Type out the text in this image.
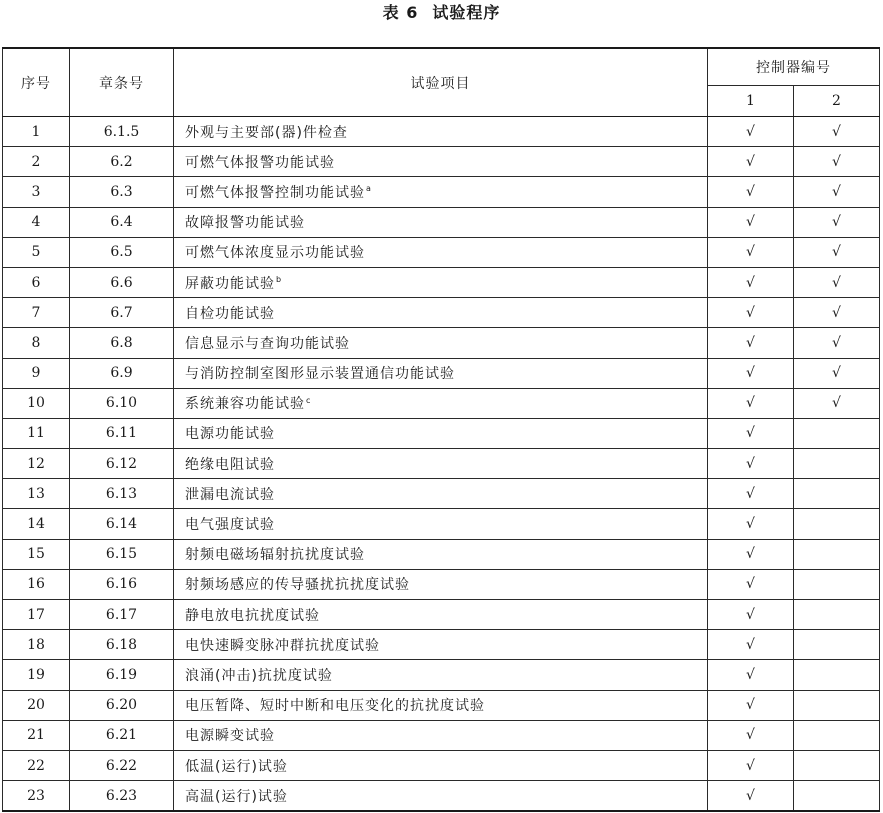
表 6 试验程序
序号	章条号	试验项目	控制器编号	
			1	2
1	6.1.5	外观与主要部(器)件检查	√	√
2	6.2	可燃气体报警功能试验	√	√
3	6.3	可燃气体报警控制功能试验$^a$	√	√
4	6.4	故障报警功能试验	√	√
5	6.5	可燃气体浓度显示功能试验	√	√
6	6.6	屏蔽功能试验$^b$	√	√
7	6.7	自检功能试验	√	√
8	6.8	信息显示与查询功能试验	√	√
9	6.9	与消防控制室图形显示装置通信功能试验	√	√
10	6.10	系统兼容功能试验$^c$	√	√
11	6.11	电源功能试验	√	
12	6.12	绝缘电阻试验	√	
13	6.13	泄漏电流试验	√	
14	6.14	电气强度试验	√	
15	6.15	射频电磁场辐射抗扰度试验	√	
16	6.16	射频场感应的传导骚扰抗扰度试验	√	
17	6.17	静电放电抗扰度试验	√	
18	6.18	电快速瞬变脉冲群抗扰度试验	√	
19	6.19	浪涌(冲击)抗扰度试验	√	
20	6.20	电压暂降、短时中断和电压变化的抗扰度试验	√	
21	6.21	电源瞬变试验	√	
22	6.22	低温(运行)试验	√	
23	6.23	高温(运行)试验	√	
